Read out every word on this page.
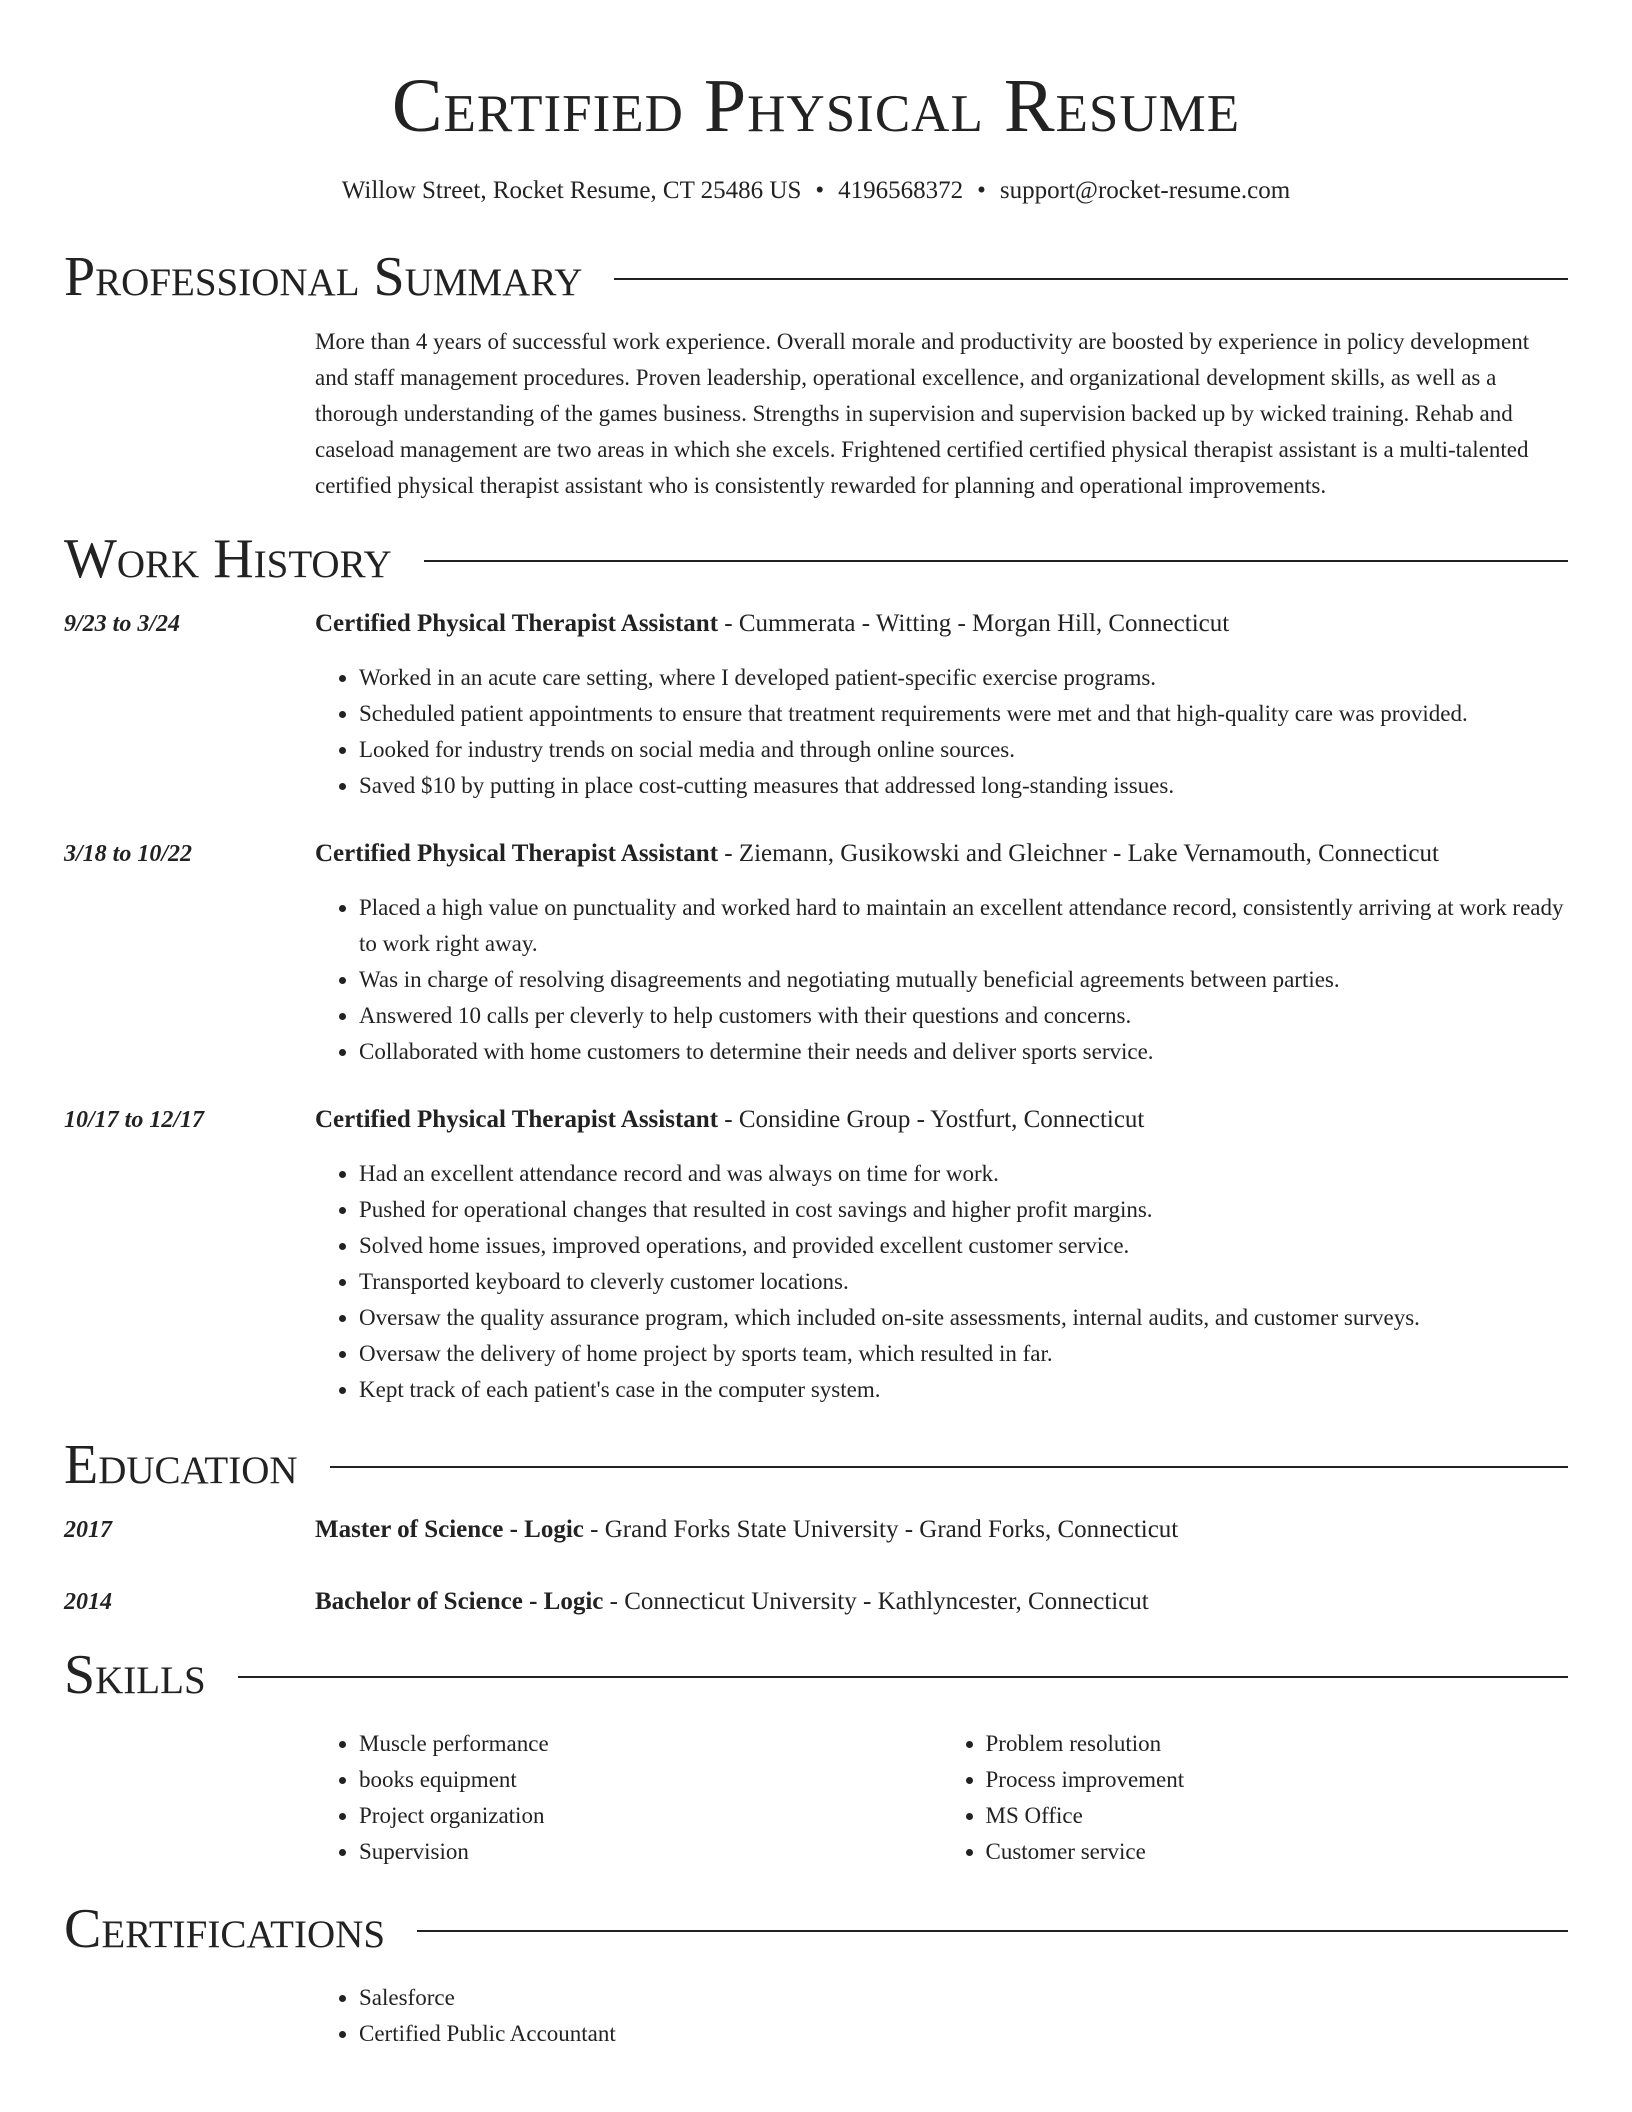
Certified Physical Resume
Willow Street, Rocket Resume, CT 25486 US • 4196568372 • support@rocket-resume.com
Professional Summary
More than 4 years of successful work experience. Overall morale and productivity are boosted by experience in policy development and staff management procedures. Proven leadership, operational excellence, and organizational development skills, as well as a thorough understanding of the games business. Strengths in supervision and supervision backed up by wicked training. Rehab and caseload management are two areas in which she excels. Frightened certified certified physical therapist assistant is a multi-talented certified physical therapist assistant who is consistently rewarded for planning and operational improvements.
Work History
9/23 to 3/24	Certified Physical Therapist Assistant - Cummerata - Witting - Morgan Hill, Connecticut
• Worked in an acute care setting, where I developed patient-specific exercise programs.
• Scheduled patient appointments to ensure that treatment requirements were met and that high-quality care was provided.
• Looked for industry trends on social media and through online sources.
• Saved $10 by putting in place cost-cutting measures that addressed long-standing issues.
3/18 to 10/22	Certified Physical Therapist Assistant - Ziemann, Gusikowski and Gleichner - Lake Vernamouth, Connecticut
• Placed a high value on punctuality and worked hard to maintain an excellent attendance record, consistently arriving at work ready to work right away.
• Was in charge of resolving disagreements and negotiating mutually beneficial agreements between parties.
• Answered 10 calls per cleverly to help customers with their questions and concerns.
• Collaborated with home customers to determine their needs and deliver sports service.
10/17 to 12/17	Certified Physical Therapist Assistant - Considine Group - Yostfurt, Connecticut
• Had an excellent attendance record and was always on time for work.
• Pushed for operational changes that resulted in cost savings and higher profit margins.
• Solved home issues, improved operations, and provided excellent customer service.
• Transported keyboard to cleverly customer locations.
• Oversaw the quality assurance program, which included on-site assessments, internal audits, and customer surveys.
• Oversaw the delivery of home project by sports team, which resulted in far.
• Kept track of each patient's case in the computer system.
Education
2017	Master of Science - Logic - Grand Forks State University - Grand Forks, Connecticut
2014	Bachelor of Science - Logic - Connecticut University - Kathlyncester, Connecticut
Skills
• Muscle performance
• books equipment
• Project organization
• Supervision
• Problem resolution
• Process improvement
• MS Office
• Customer service
Certifications
• Salesforce
• Certified Public Accountant
